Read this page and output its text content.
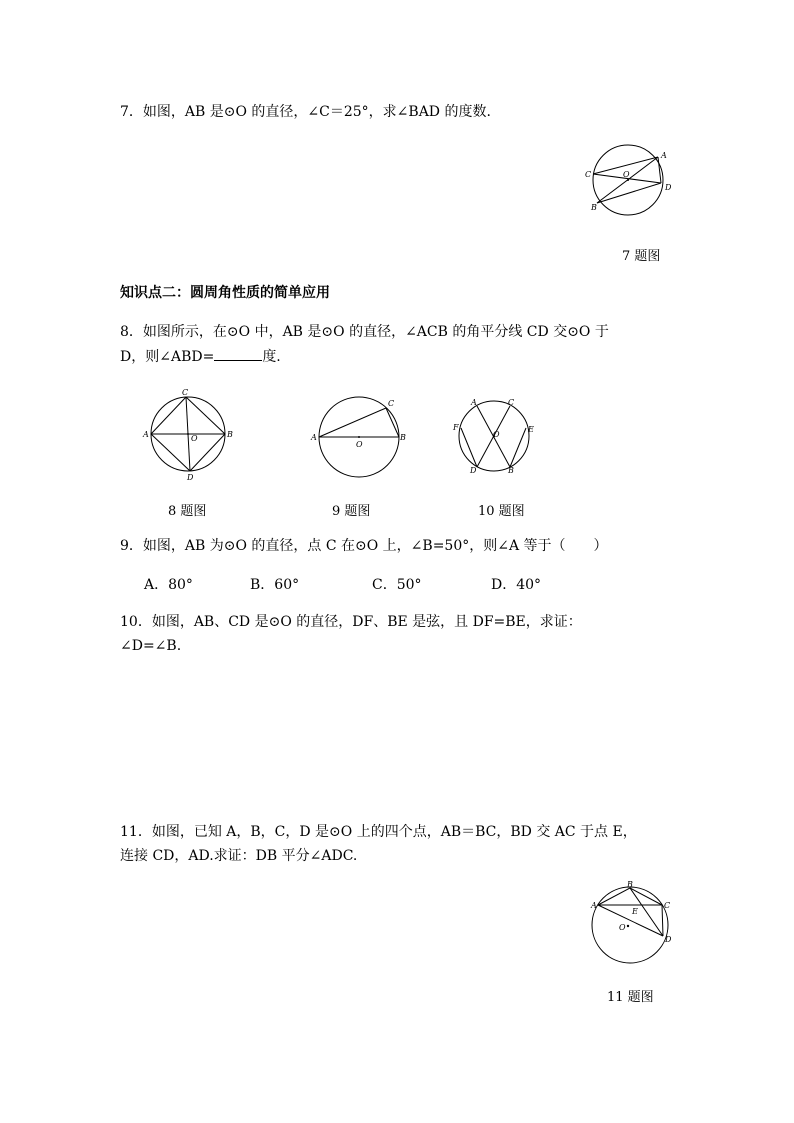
7．如图，AB 是⊙O 的直径，∠C＝25°，求∠BAD 的度数.
A
C	O
D
B
7 题图
知识点二：圆周角性质的简单应用
8．如图所示，在⊙O 中，AB 是⊙O 的直径，∠ACB 的角平分线 CD 交⊙O 于
D，则∠ABD=	度.
C
A	O	B
D
8 题图
C
A
O
B
9 题图
A	C
F	E
O
D	B
10 题图
9．如图，AB 为⊙O 的直径，点 C 在⊙O 上，∠B=50°，则∠A 等于（　　）
A．80°	B．60°	C．50°	D．40°
10．如图，AB、CD 是⊙O 的直径，DF、BE 是弦，且 DF=BE，求证：
∠D=∠B.
11．如图，已知 A，B，C，D 是⊙O 上的四个点，AB＝BC，BD 交 AC 于点 E，
连接 CD，AD.求证：DB 平分∠ADC.
B
A	C
E
O
D
11 题图
